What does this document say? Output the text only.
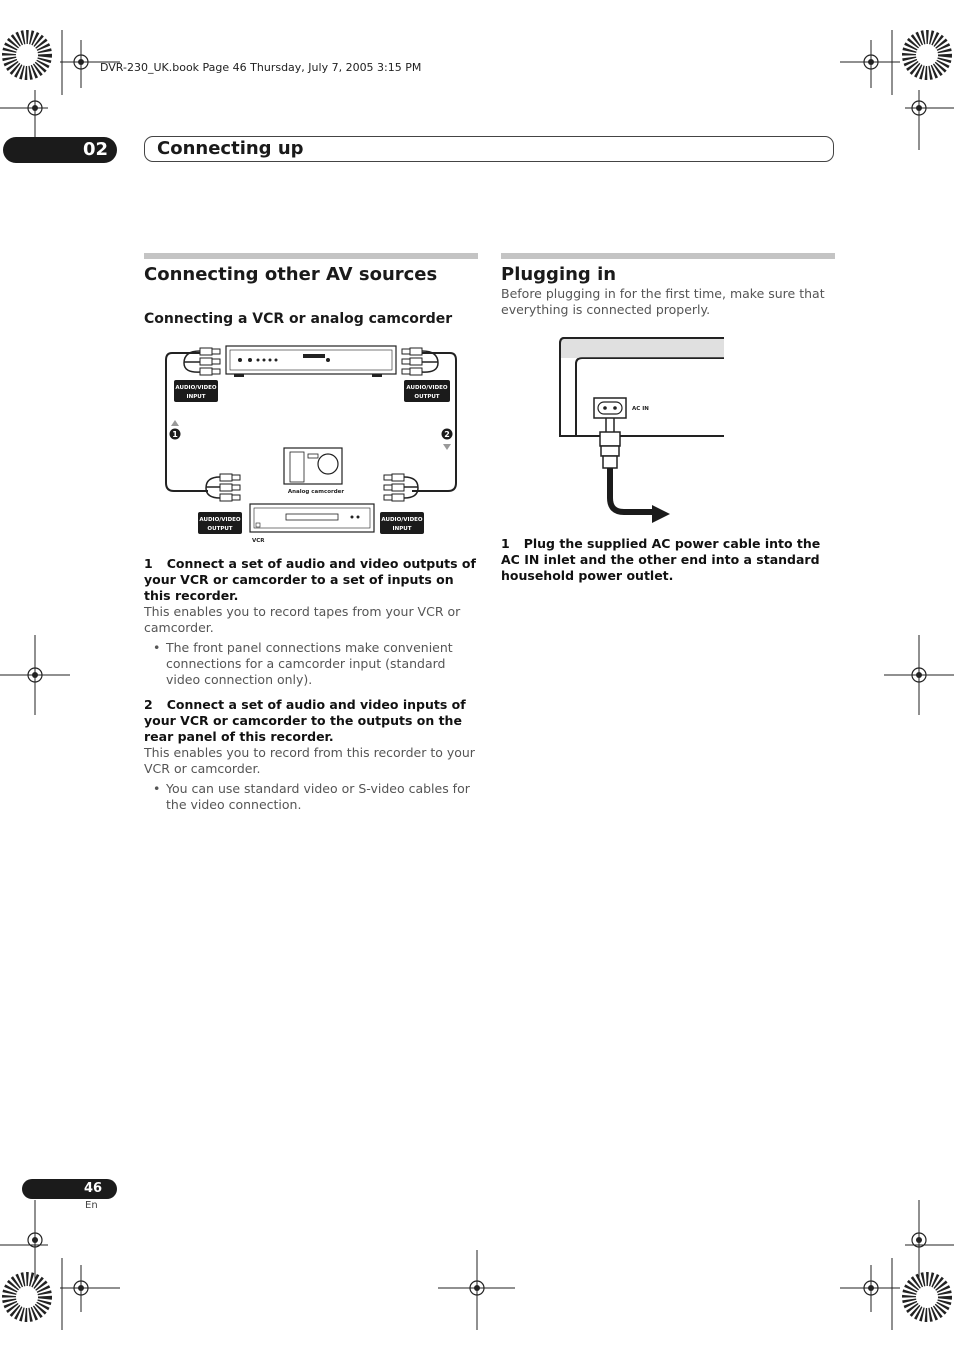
DVR-230_UK.book Page 46 Thursday, July 7, 2005 3:15 PM
02	Connecting up
Connecting other AV sources
Connecting a VCR or analog camcorder
AUDIO/VIDEO
INPUT
AUDIO/VIDEO
OUTPUT
1	2
Analog camcorder
VCR
AUDIO/VIDEO
OUTPUT
AUDIO/VIDEO
INPUT
1 Connect a set of audio and video outputs of your VCR or camcorder to a set of inputs on this recorder.
This enables you to record tapes from your VCR or camcorder.
• The front panel connections make convenient connections for a camcorder input (standard video connection only).
2 Connect a set of audio and video inputs of your VCR or camcorder to the outputs on the rear panel of this recorder.
This enables you to record from this recorder to your VCR or camcorder.
• You can use standard video or S-video cables for the video connection.
Plugging in
Before plugging in for the first time, make sure that everything is connected properly.
AC IN
1 Plug the supplied AC power cable into the AC IN inlet and the other end into a standard household power outlet.
46
En
